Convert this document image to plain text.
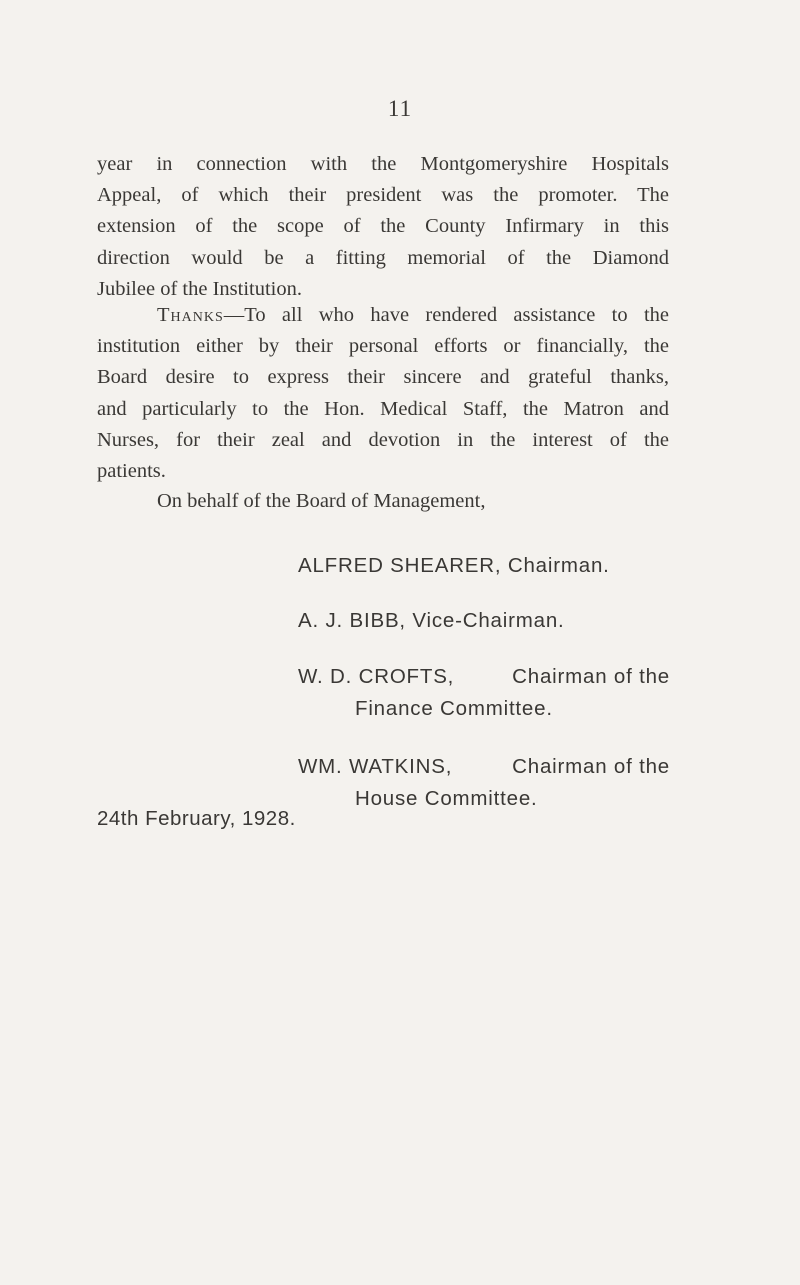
11
year in connection with the Montgomeryshire Hospitals
Appeal, of which their president was the promoter. The
extension of the scope of the County Infirmary in this
direction would be a fitting memorial of the Diamond
Jubilee of the Institution.
Thanks—To all who have rendered assistance to the
institution either by their personal efforts or financially, the
Board desire to express their sincere and grateful thanks,
and particularly to the Hon. Medical Staff, the Matron and
Nurses, for their zeal and devotion in the interest of the
patients.
On behalf of the Board of Management,
ALFRED SHEARER, Chairman.
A. J. BIBB, Vice-Chairman.
W. D. CROFTS,	Chairman of the
Finance Committee.
WM. WATKINS,	Chairman of the
House Committee.
24th February, 1928.
